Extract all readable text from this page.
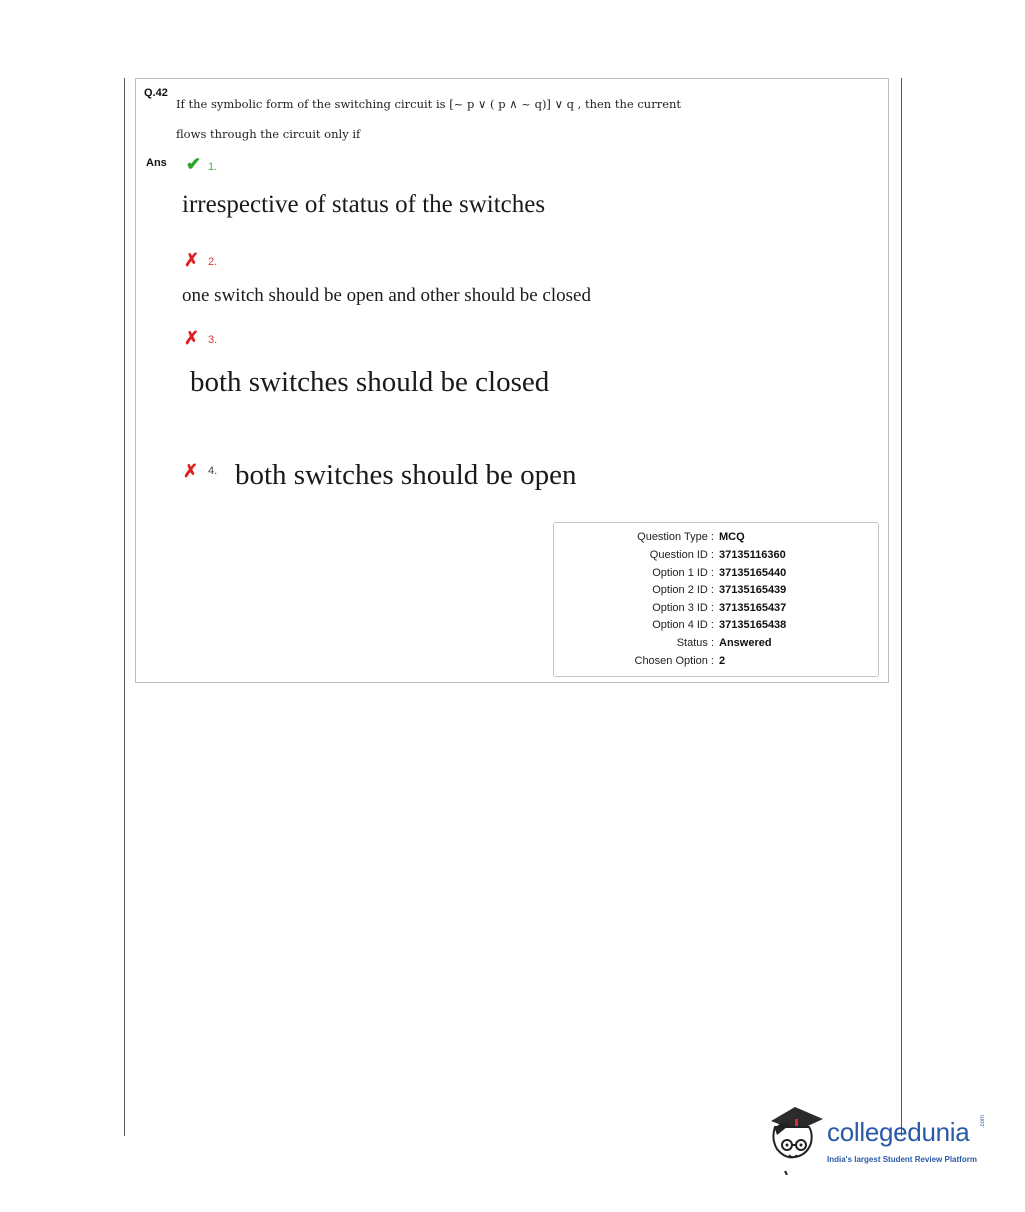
Q.42
If the symbolic form of the switching circuit is [~ p ∨ ( p ∧ ~ q)] ∨ q , then the current
flows through the circuit only if
Ans ✔ 1.
irrespective of status of the switches
✗ 2.
one switch should be open and other should be closed
✗ 3.
both switches should be closed
✗ 4. both switches should be open
Question Type : MCQ
Question ID : 37135116360
Option 1 ID : 37135165440
Option 2 ID : 37135165439
Option 3 ID : 37135165437
Option 4 ID : 37135165438
Status : Answered
Chosen Option : 2
collegedunia .com
India's largest Student Review Platform
